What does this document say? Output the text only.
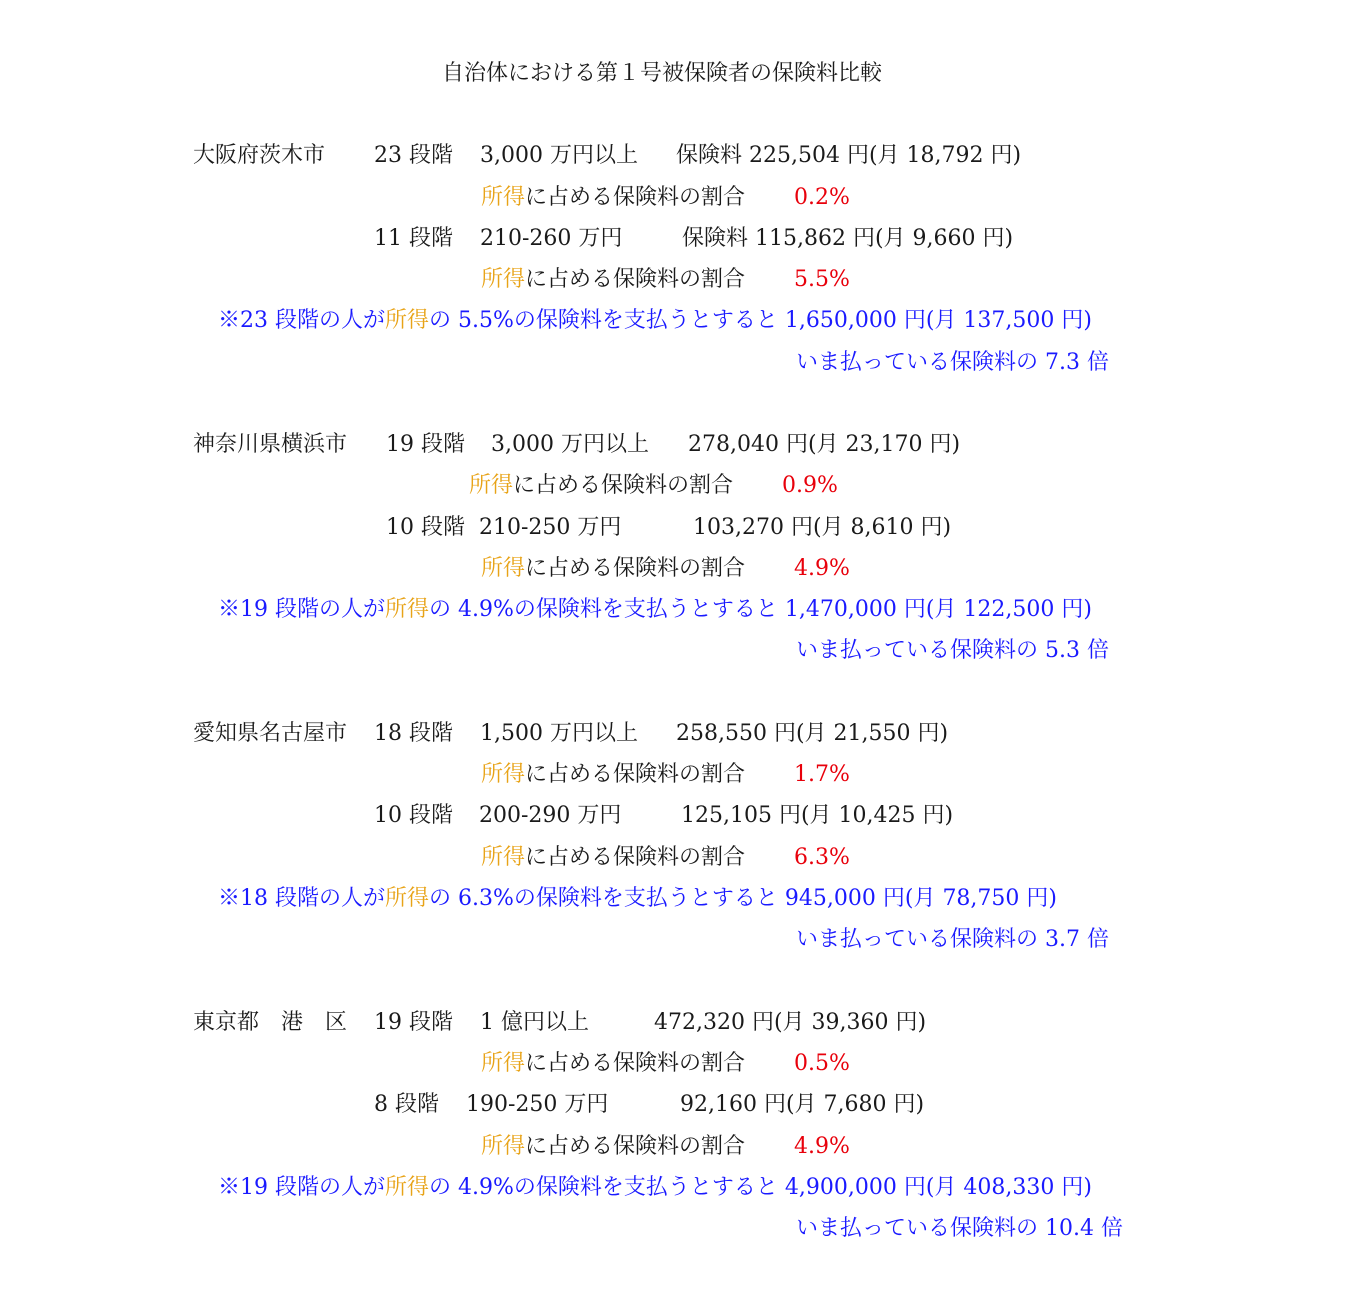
自治体における第１号被保険者の保険料比較
大阪府茨木市 23 段階 3,000 万円以上 保険料 225,504 円(月 18,792 円)
所得に占める保険料の割合 0.2%
11 段階 210-260 万円	保険料 115,862 円(月 9,660 円)
所得に占める保険料の割合 5.5%
※23 段階の人が所得の 5.5%の保険料を支払うとすると 1,650,000 円(月 137,500 円)
いま払っている保険料の 7.3 倍
神奈川県横浜市 19 段階 3,000 万円以上 278,040 円(月 23,170 円)
所得に占める保険料の割合 0.9%
10 段階 210-250 万円	103,270 円(月 8,610 円)
所得に占める保険料の割合 4.9%
※19 段階の人が所得の 4.9%の保険料を支払うとすると 1,470,000 円(月 122,500 円)
いま払っている保険料の 5.3 倍
愛知県名古屋市 18 段階 1,500 万円以上 258,550 円(月 21,550 円)
所得に占める保険料の割合 1.7%
10 段階 200-290 万円	125,105 円(月 10,425 円)
所得に占める保険料の割合 6.3%
※18 段階の人が所得の 6.3%の保険料を支払うとすると 945,000 円(月 78,750 円)
いま払っている保険料の 3.7 倍
東京都　港　区 19 段階 1 億円以上	472,320 円(月 39,360 円)
所得に占める保険料の割合 0.5%
8 段階 190-250 万円	92,160 円(月 7,680 円)
所得に占める保険料の割合 4.9%
※19 段階の人が所得の 4.9%の保険料を支払うとすると 4,900,000 円(月 408,330 円)
いま払っている保険料の 10.4 倍
